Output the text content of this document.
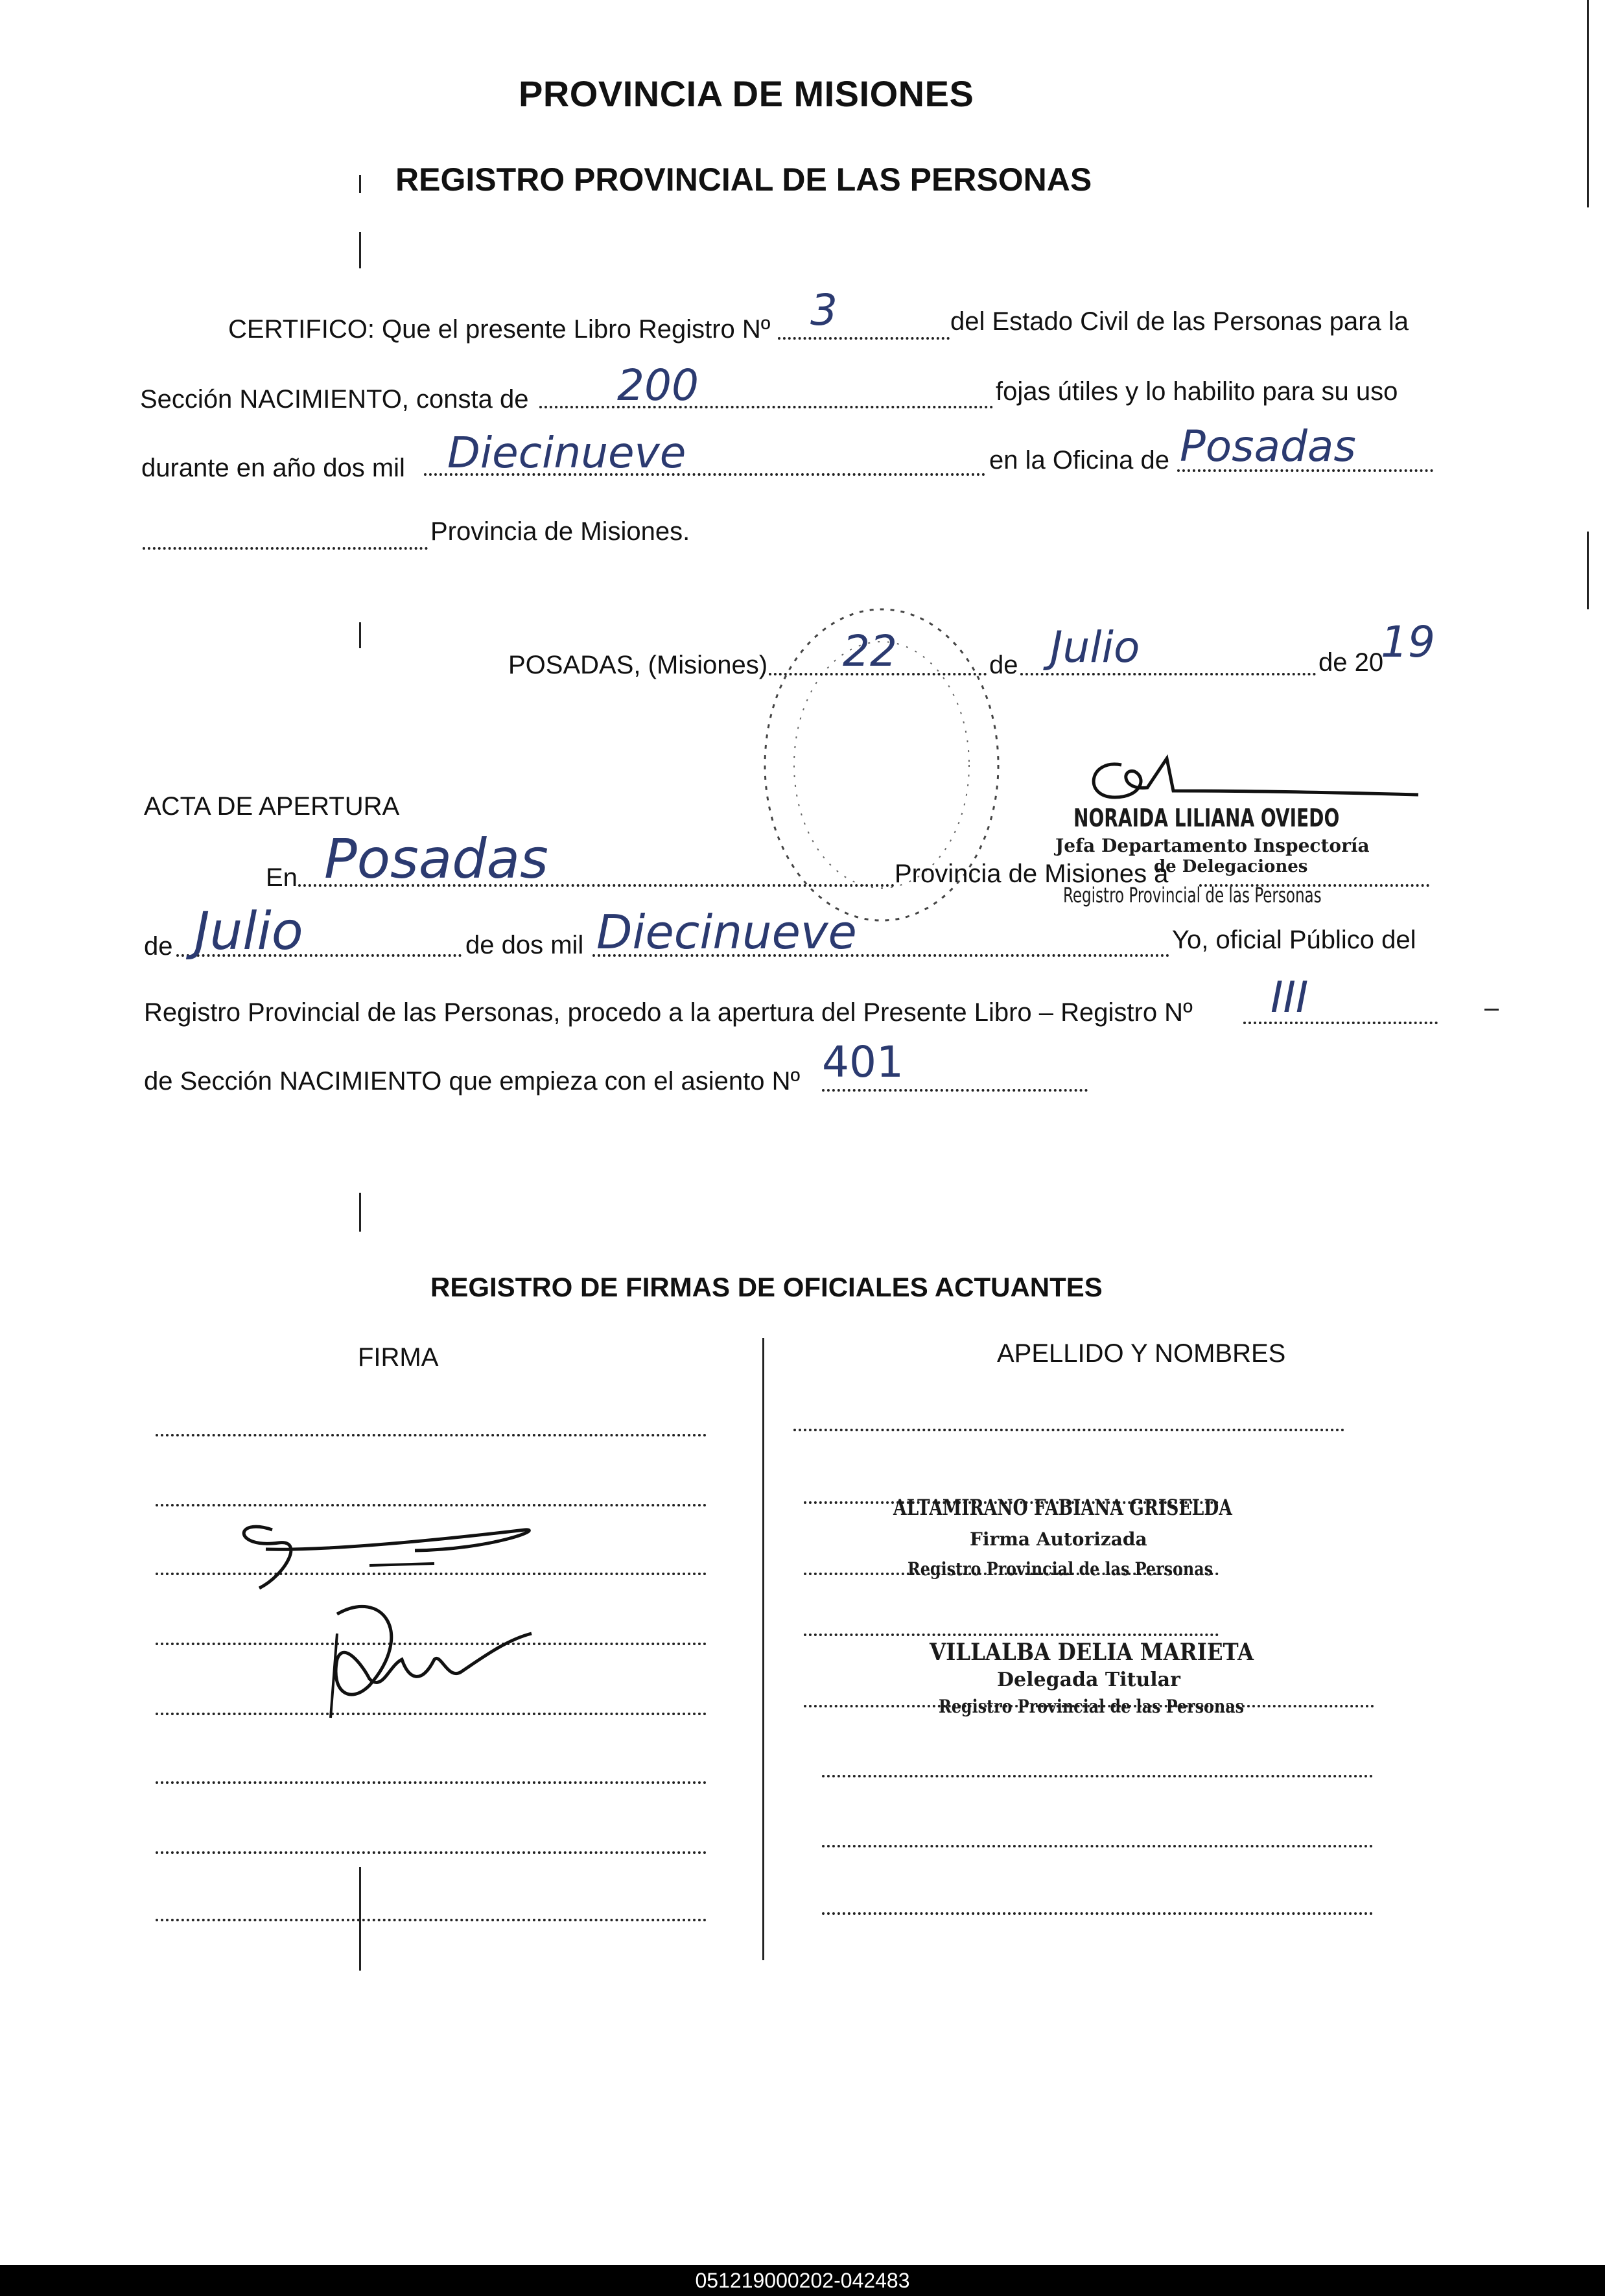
PROVINCIA DE MISIONES
REGISTRO PROVINCIAL DE LAS PERSONAS
CERTIFICO: Que el presente Libro Registro Nº 3	del Estado Civil de las Personas para la
Sección NACIMIENTO, consta de 200	fojas útiles y lo habilito para su uso
durante en año dos mil Diecinueve	en la Oficina de Posadas
Provincia de Misiones.
POSADAS, (Misiones) 22	de Julio	de 20
19
NORAIDA LILIANA OVIEDO
Jefa Departamento Inspectoría
de Delegaciones
Registro Provincial de las Personas
ACTA DE APERTURA
En Posadas	Provincia de Misiones a
de Julio	de dos mil Diecinueve	Yo, oficial Público del
Registro Provincial de las Personas, procedo a la apertura del Presente Libro – Registro Nº III
de Sección NACIMIENTO que empieza con el asiento Nº 401
REGISTRO DE FIRMAS DE OFICIALES ACTUANTES
FIRMA	APELLIDO Y NOMBRES
ALTAMIRANO FABIANA GRISELDA
Firma Autorizada
Registro Provincial de las Personas
VILLALBA DELIA MARIETA
Delegada Titular
Registro Provincial de las Personas
051219000202-042483
